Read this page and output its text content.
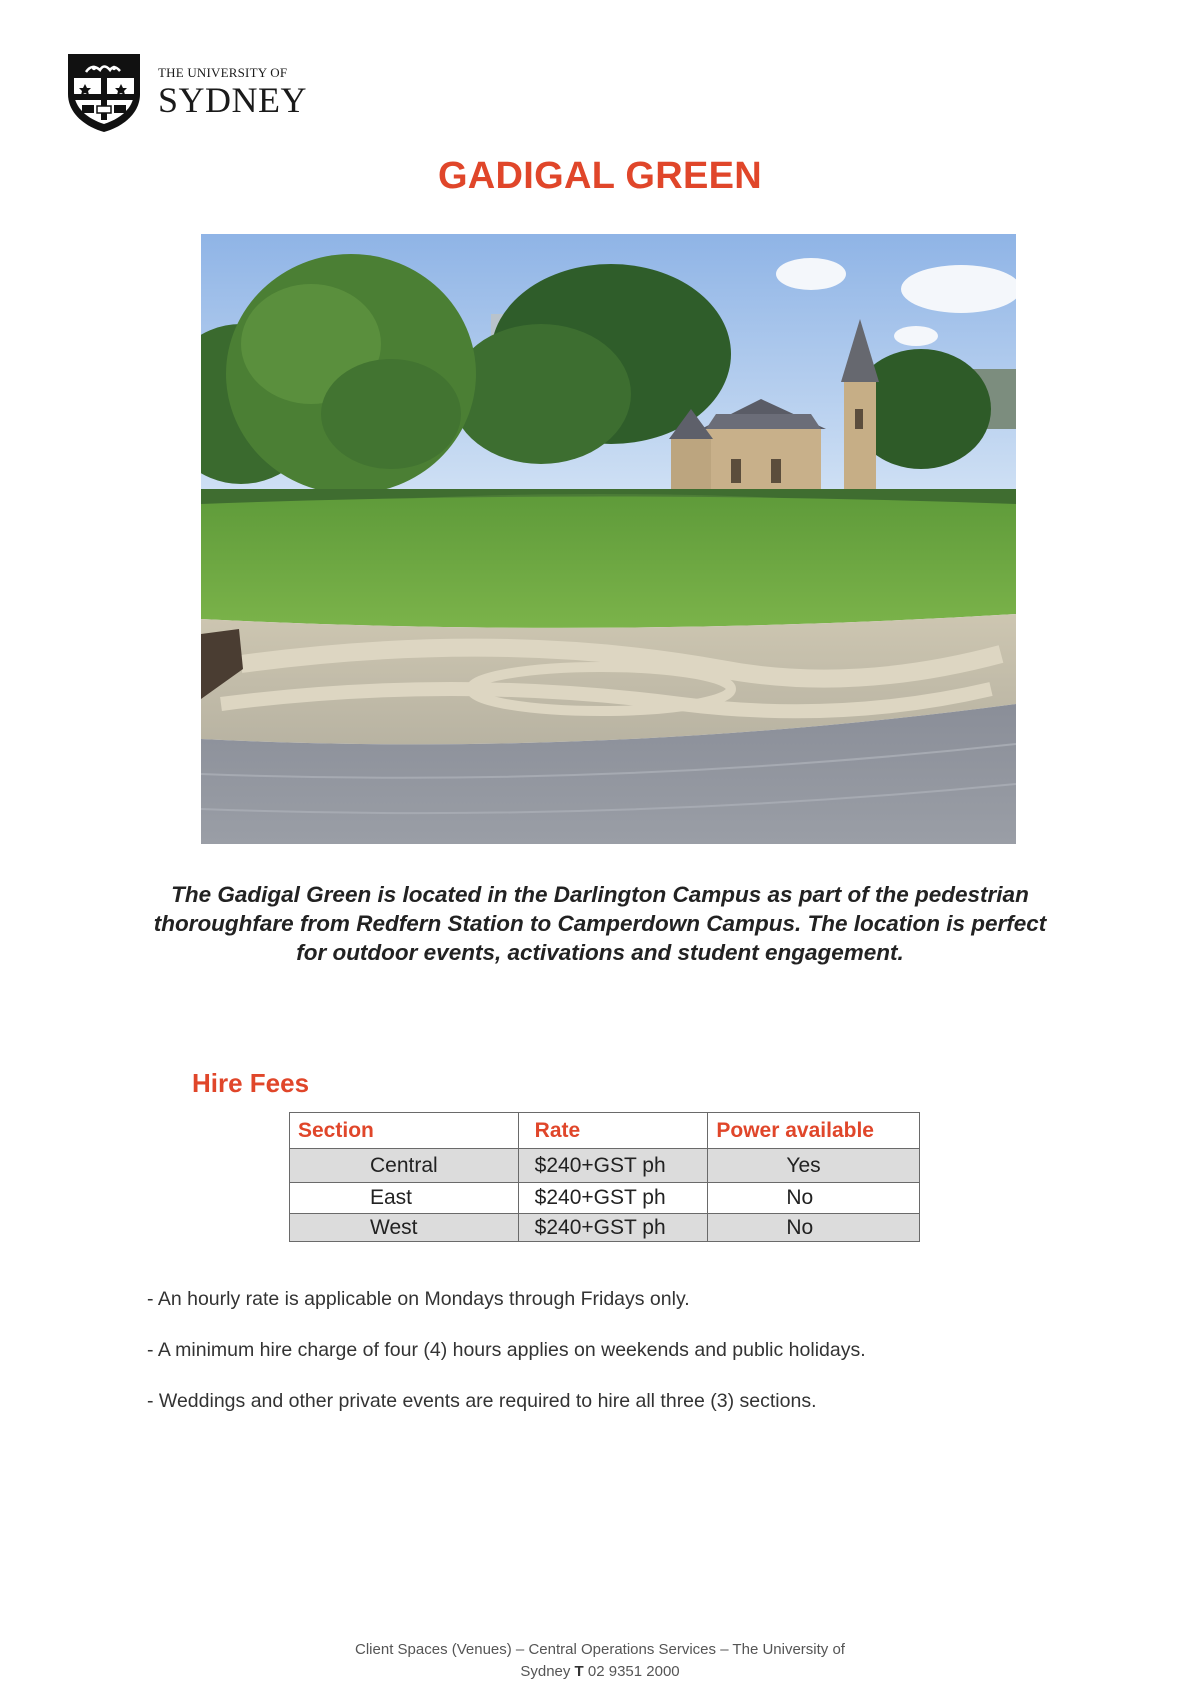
THE UNIVERSITY OF
SYDNEY
GADIGAL GREEN
The Gadigal Green is located in the Darlington Campus as part of the pedestrian thoroughfare from Redfern Station to Camperdown Campus. The location is perfect for outdoor events, activations and student engagement.
Hire Fees
Section	Rate	Power available
Central	$240+GST ph	Yes
East	$240+GST ph	No
West	$240+GST ph	No
- An hourly rate is applicable on Mondays through Fridays only.
- A minimum hire charge of four (4) hours applies on weekends and public holidays.
- Weddings and other private events are required to hire all three (3) sections.
Client Spaces (Venues) – Central Operations Services – The University of
Sydney T 02 9351 2000
